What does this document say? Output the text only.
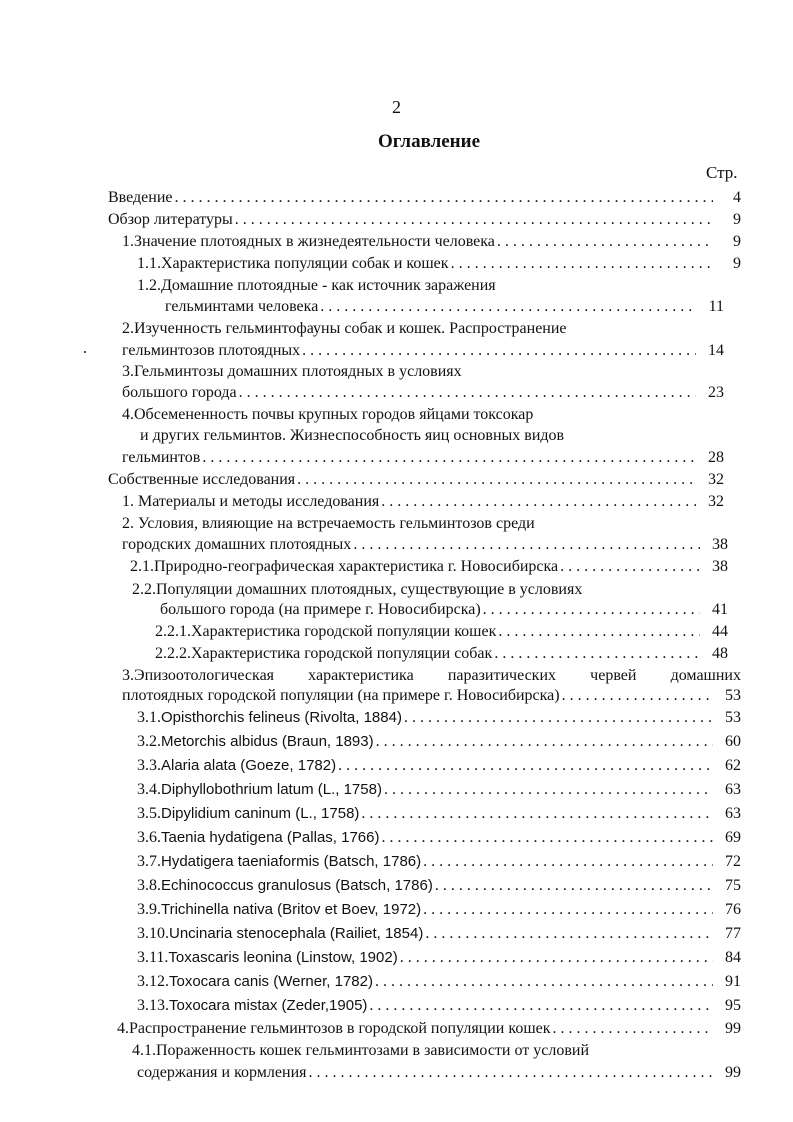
2
Оглавление
Стр.
Введение . . .	4
Обзор литературы . . .	9
1.Значение плотоядных в жизнедеятельности человека . . .	9
1.1.Характеристика популяции собак и кошек . . .	9
1.2.Домашние плотоядные - как источник заражения
гельминтами человека . . .	11
2.Изученность гельминтофауны собак и кошек. Распространение
гельминтозов плотоядных . . .	14
3.Гельминтозы домашних плотоядных в условиях
большого города . . .	23
4.Обсемененность почвы крупных городов яйцами токсокар
и других гельминтов. Жизнеспособность яиц основных видов
гельминтов . . .	28
Собственные исследования . . .	32
1. Материалы и методы исследования . . .	32
2. Условия, влияющие на встречаемость гельминтозов среди
городских домашних плотоядных . . .	38
2.1.Природно-географическая характеристика г. Новосибирска . . .	38
2.2.Популяции домашних плотоядных, существующие в условиях
большого города (на примере г. Новосибирска) . . .	41
2.2.1.Характеристика городской популяции кошек . . .	44
2.2.2.Характеристика городской популяции собак . . .	48
3.Эпизоотологическая характеристика паразитических червей домашних
плотоядных городской популяции (на примере г. Новосибирска) . . .	53
3.1.Opisthorchis felineus (Rivolta, 1884) . . .	53
3.2.Metorchis albidus (Braun, 1893) . . .	60
3.3.Alaria alata (Goeze, 1782) . . .	62
3.4.Diphyllobothrium latum (L., 1758) . . .	63
3.5.Dipylidium caninum (L., 1758) . . .	63
3.6.Taenia hydatigena (Pallas, 1766) . . .	69
3.7.Hydatigera taeniaformis (Batsch, 1786) . . .	72
3.8.Echinococcus granulosus (Batsch, 1786) . . .	75
3.9.Trichinella nativa (Britov et Boev, 1972) . . .	76
3.10.Uncinaria stenocephala (Railiet, 1854) . . .	77
3.11.Toxascaris leonina (Linstow, 1902) . . .	84
3.12.Toxocara canis (Werner, 1782) . . .	91
3.13.Toxocara mistax (Zeder,1905) . . .	95
4.Распространение гельминтозов в городской популяции кошек . . .	99
4.1.Пораженность кошек гельминтозами в зависимости от условий
содержания и кормления . . .	99
